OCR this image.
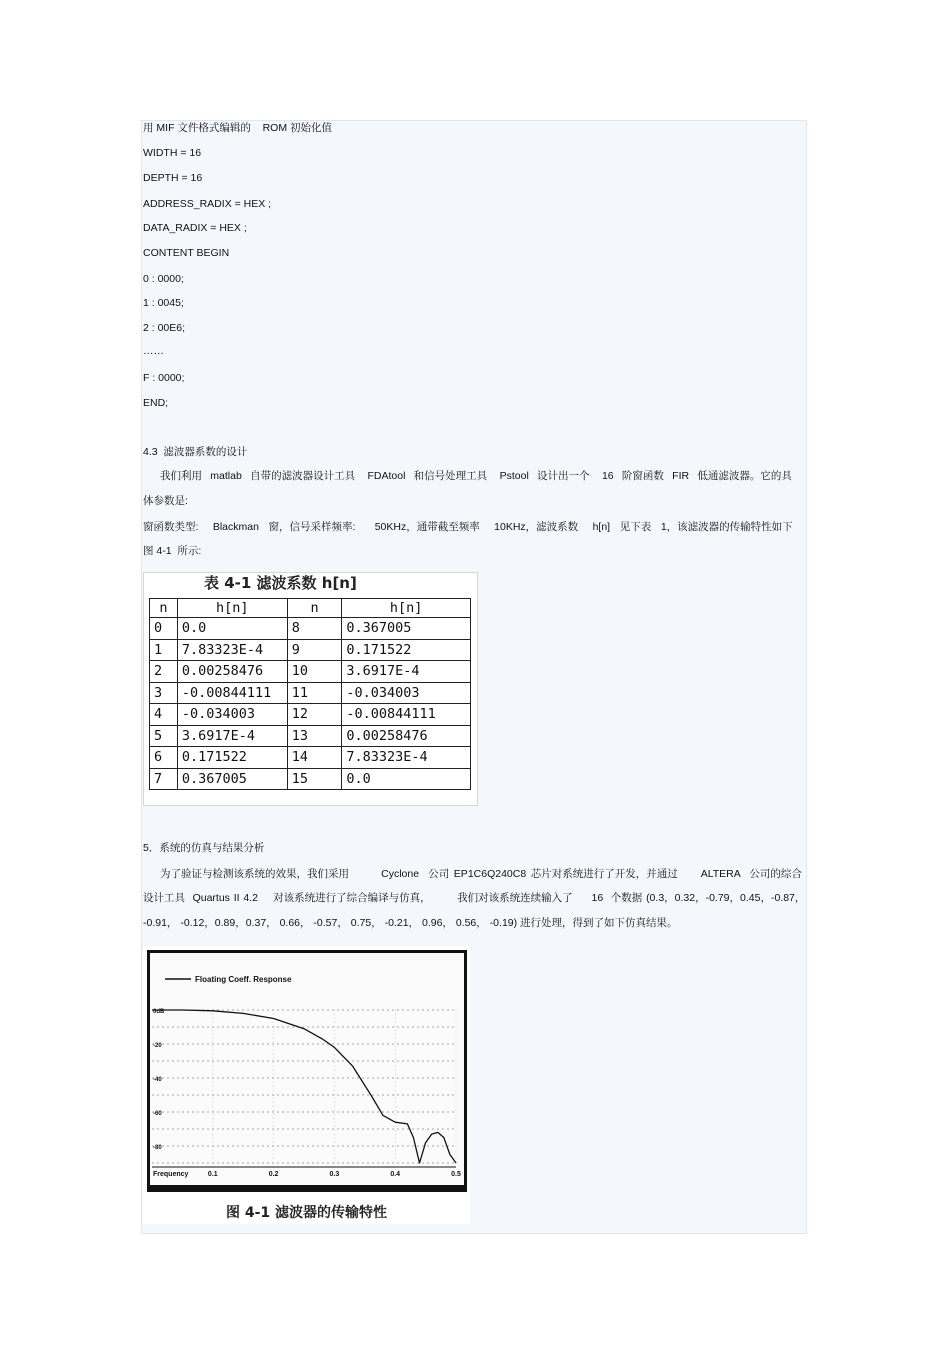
用 MIF 文件格式编辑的    ROM 初始化值
WIDTH = 16
DEPTH = 16
ADDRESS_RADIX = HEX ;
DATA_RADIX = HEX ;
CONTENT BEGIN
0 : 0000;
1 : 0045;
2 : 00E6;
……
F : 0000;
END;
4.3  滤波器系数的设计
我们利用  matlab  自带的滤波器设计工具   FDAtool  和信号处理工具   Pstool  设计出一个   16  阶窗函数  FIR  低通滤波器。它的具
体参数是:
窗函数类型:   Blackman  窗，信号采样频率:    50KHz，通带截至频率   10KHz，滤波系数   h[n]  见下表  1，该滤波器的传输特性如下
图 4-1  所示:
表 4-1 滤波系数 h[n]
n	h[n]	n	h[n]
0	0.0	8	0.367005
1	7.83323E-4	9	0.171522
2	0.00258476	10	3.6917E-4
3	-0.00844111	11	-0.034003
4	-0.034003	12	-0.00844111
5	3.6917E-4	13	0.00258476
6	0.171522	14	7.83323E-4
7	0.367005	15	0.0
5．系统的仿真与结果分析
为了验证与检测该系统的效果，我们采用       Cyclone  公司 EP1C6Q240C8 芯片对系统进行了开发，并通过     ALTERA  公司的综合
设计工具  Quartus II 4.2    对该系统进行了综合编译与仿真，       我们对该系统连续输入了     16  个数据 (0.3，0.32，-0.79，0.45，-0.87，
-0.91， -0.12，0.89，0.37， 0.66， -0.57， 0.75， -0.21， 0.96， 0.56， -0.19) 进行处理，得到了如下仿真结果。
0dB
-20
-40
-60
-80
0.1	0.2	0.3	0.4	0.5
Frequency
Floating Coeff. Response
图 4-1 滤波器的传输特性
